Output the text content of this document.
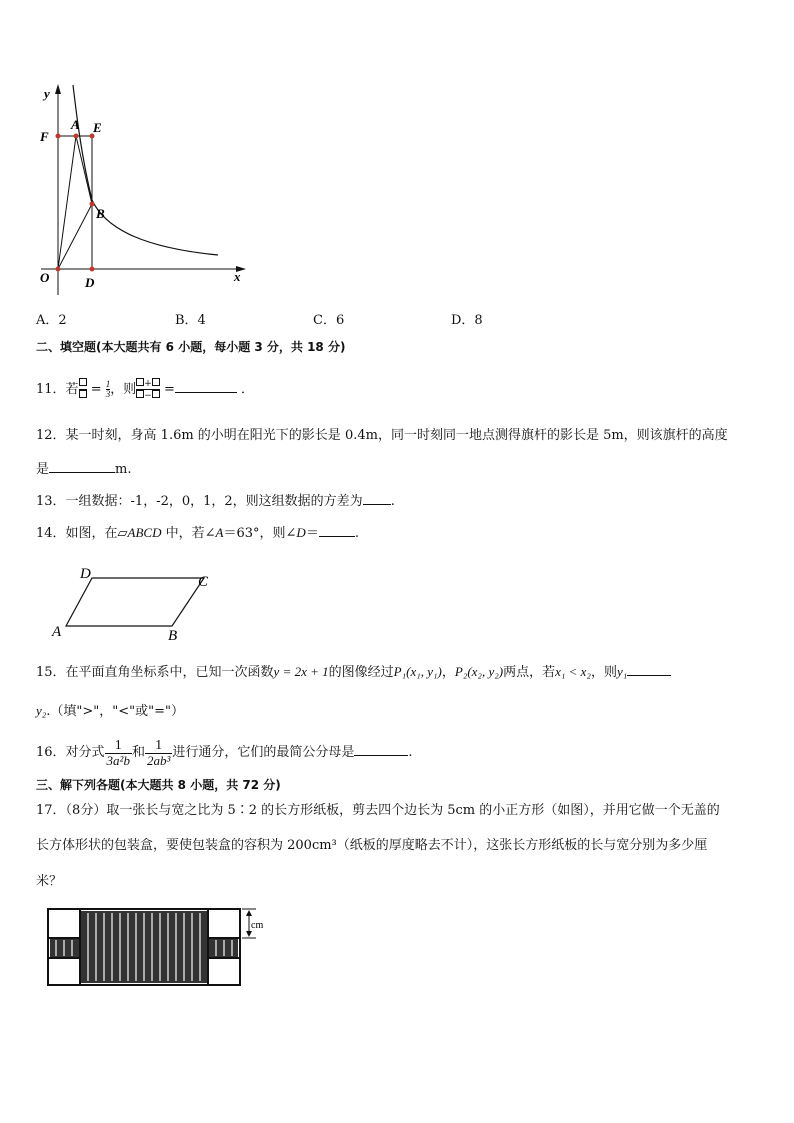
y
x
O
F
A E
B
D
A．2	B．4	C．6	D．8
二、填空题(本大题共有 6 小题，每小题 3 分，共 18 分)
11．若 = $\frac{1}{3}$ ，则 +
− =	．
12．某一时刻，身高 1.6m 的小明在阳光下的影长是 0.4m，同一时刻同一地点测得旗杆的影长是 5m，则该旗杆的高度
是	m.
13．一组数据：-1，-2，0，1，2，则这组数据的方差为 .
14．如图，在▱ABCD 中，若∠A＝63°，则∠D＝	.
A	B
C
D
15．在平面直角坐标系中，已知一次函数y = 2x + 1的图像经过P₁(x₁, y₁)，P₂(x₂, y₂)两点，若x₁ < x₂，则y₁
y₂.（填">"，"<"或"="）
16．对分式 $\frac{1}{\text{3a²b}}$ 和 $\frac{1}{\text{2ab³}}$ 进行通分，它们的最简公分母是	.
三、解下列各题(本大题共 8 小题，共 72 分)
17．（8分）取一张长与宽之比为 5∶2 的长方形纸板，剪去四个边长为 5cm 的小正方形（如图），并用它做一个无盖的
长方体形状的包装盒，要使包装盒的容积为 200cm³（纸板的厚度略去不计），这张长方形纸板的长与宽分别为多少厘
米？
cm
